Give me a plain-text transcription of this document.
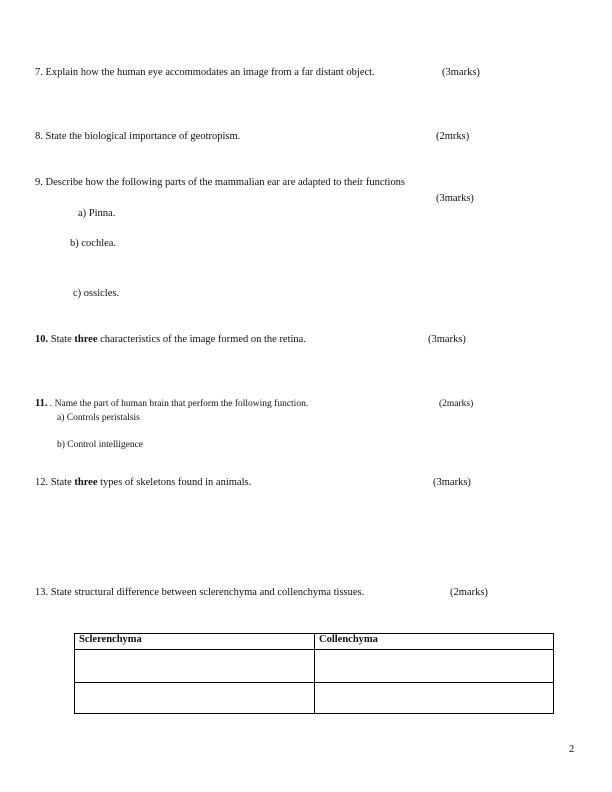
7. Explain how the human eye accommodates an image from a far distant object.	(3marks)
8. State the biological importance of geotropism.	(2mrks)
9. Describe how the following parts of the mammalian ear are adapted to their functions
(3marks)
a) Pinna.
b) cochlea.
c) ossicles.
10. State three characteristics of the image formed on the retina.	(3marks)
11. . Name the part of human brain that perform the following function.	(2marks)
a) Controls peristalsis
b) Control intelligence
12. State three types of skeletons found in animals.	(3marks)
13. State structural difference between sclerenchyma and collenchyma tissues.	(2marks)
Sclerenchyma	Collenchyma

2
